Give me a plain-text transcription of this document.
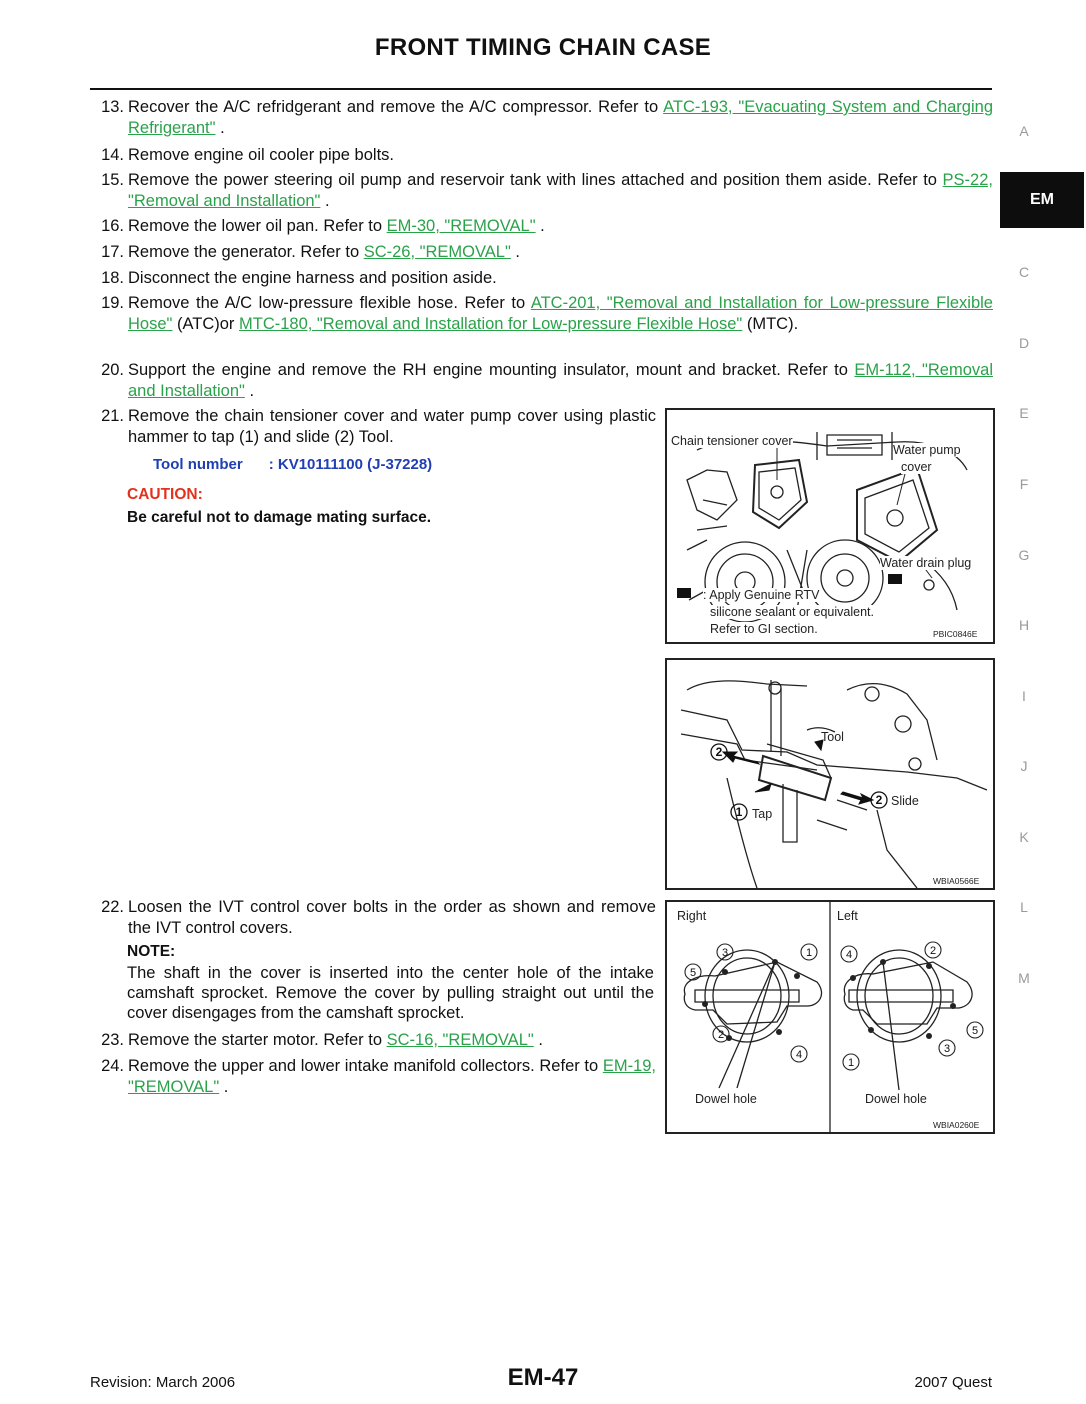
FRONT TIMING CHAIN CASE
13. Recover the A/C refridgerant and remove the A/C compressor. Refer to ATC-193, "Evacuating System and Charging Refrigerant" .
14. Remove engine oil cooler pipe bolts.
15. Remove the power steering oil pump and reservoir tank with lines attached and position them aside. Refer to PS-22, "Removal and Installation" .
16. Remove the lower oil pan. Refer to EM-30, "REMOVAL" .
17. Remove the generator. Refer to SC-26, "REMOVAL" .
18. Disconnect the engine harness and position aside.
19. Remove the A/C low-pressure flexible hose. Refer to ATC-201, "Removal and Installation for Low-pressure Flexible Hose" (ATC)or MTC-180, "Removal and Installation for Low-pressure Flexible Hose" (MTC).
20. Support the engine and remove the RH engine mounting insulator, mount and bracket. Refer to EM-112, "Removal and Installation" .
21. Remove the chain tensioner cover and water pump cover using plastic hammer to tap (1) and slide (2) Tool.
22. Loosen the IVT control cover bolts in the order as shown and remove the IVT control covers.
23. Remove the starter motor. Refer to SC-16, "REMOVAL" .
24. Remove the upper and lower intake manifold collectors. Refer to EM-19, "REMOVAL" .
Tool number : KV10111100 (J-37228)
CAUTION:
Be careful not to damage mating surface.
NOTE:
The shaft in the cover is inserted into the center hole of the intake camshaft sprocket. Remove the cover by pulling straight out until the cover disengages from the camshaft sprocket.
Chain tensioner cover
Water pump
cover
Water drain plug
: Apply Genuine RTV
silicone sealant or equivalent.
Refer to GI section.	PBIC0846E
2
1
2
Tool
Tap
Slide
WBIA0566E
3	1
5
2
4
4	2
5
3
1
Right	Left
Dowel hole	Dowel hole
WBIA0260E
A
EM
C
D
E
F
G
H
I
J
K
L
M
Revision: March 2006	EM-47	2007 Quest
